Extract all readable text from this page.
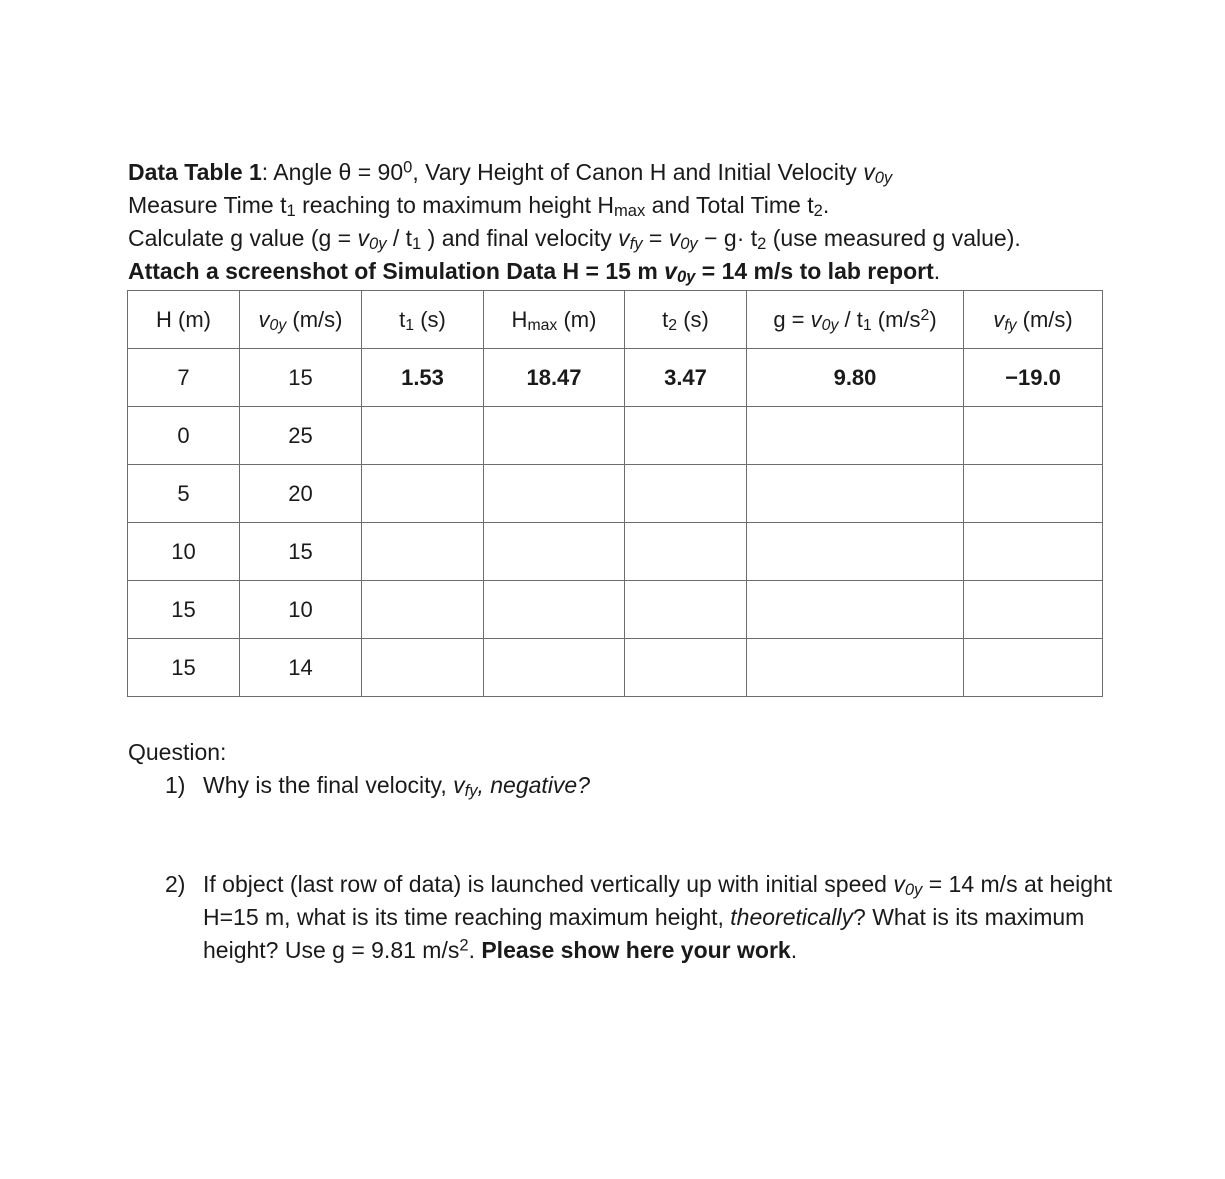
Data Table 1: Angle $\theta = 90^0$, Vary Height of Canon H and Initial Velocity v0y
Measure Time t1 reaching to maximum height Hmax and Total Time t2.
Calculate g value (g = v0y / t1 ) and final velocity vfy = v0y − g· t2 (use measured g value).
Attach a screenshot of Simulation Data H = 15 m v0y = 14 m/s to lab report.
H (m)	v0y (m/s)	t1 (s)	Hmax (m)	t2 (s)	g = v0y / t1 $(m/s^2)$	vfy (m/s)
7	15	1.53	18.47	3.47	9.80	−19.0
0	25					
5	20					
10	15					
15	10					
15	14					
Question:
1) Why is the final velocity, vfy, negative?
2) If object (last row of data) is launched vertically up with initial speed v0y = 14 m/s at height H=15 m, what is its time reaching maximum height, theoretically? What is its maximum height? Use g = 9.81 $m/s^2$. Please show here your work.
